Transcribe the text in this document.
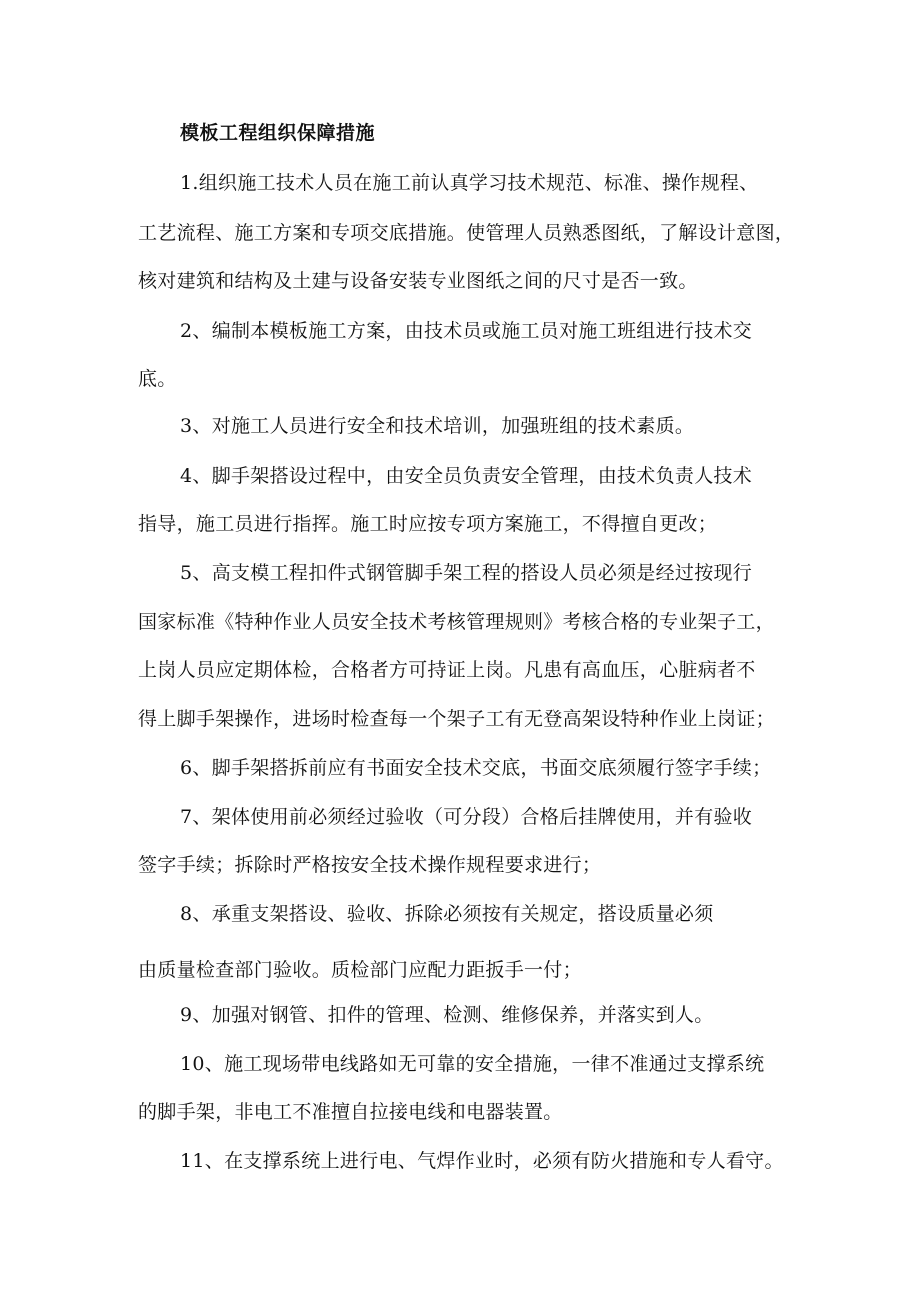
模板工程组织保障措施
1.组织施工技术人员在施工前认真学习技术规范、标准、操作规程、
工艺流程、施工方案和专项交底措施。使管理人员熟悉图纸，了解设计意图，
核对建筑和结构及土建与设备安装专业图纸之间的尺寸是否一致。
2、编制本模板施工方案，由技术员或施工员对施工班组进行技术交
底。
3、对施工人员进行安全和技术培训，加强班组的技术素质。
4、脚手架搭设过程中，由安全员负责安全管理，由技术负责人技术
指导，施工员进行指挥。施工时应按专项方案施工，不得擅自更改；
5、高支模工程扣件式钢管脚手架工程的搭设人员必须是经过按现行
国家标准《特种作业人员安全技术考核管理规则》考核合格的专业架子工，
上岗人员应定期体检，合格者方可持证上岗。凡患有高血压，心脏病者不
得上脚手架操作，进场时检查每一个架子工有无登高架设特种作业上岗证；
6、脚手架搭拆前应有书面安全技术交底，书面交底须履行签字手续；
7、架体使用前必须经过验收（可分段）合格后挂牌使用，并有验收
签字手续；拆除时严格按安全技术操作规程要求进行；
8、承重支架搭设、验收、拆除必须按有关规定，搭设质量必须
由质量检查部门验收。质检部门应配力距扳手一付；
9、加强对钢管、扣件的管理、检测、维修保养，并落实到人。
10、施工现场带电线路如无可靠的安全措施，一律不准通过支撑系统
的脚手架，非电工不准擅自拉接电线和电器装置。
11、在支撑系统上进行电、气焊作业时，必须有防火措施和专人看守。
